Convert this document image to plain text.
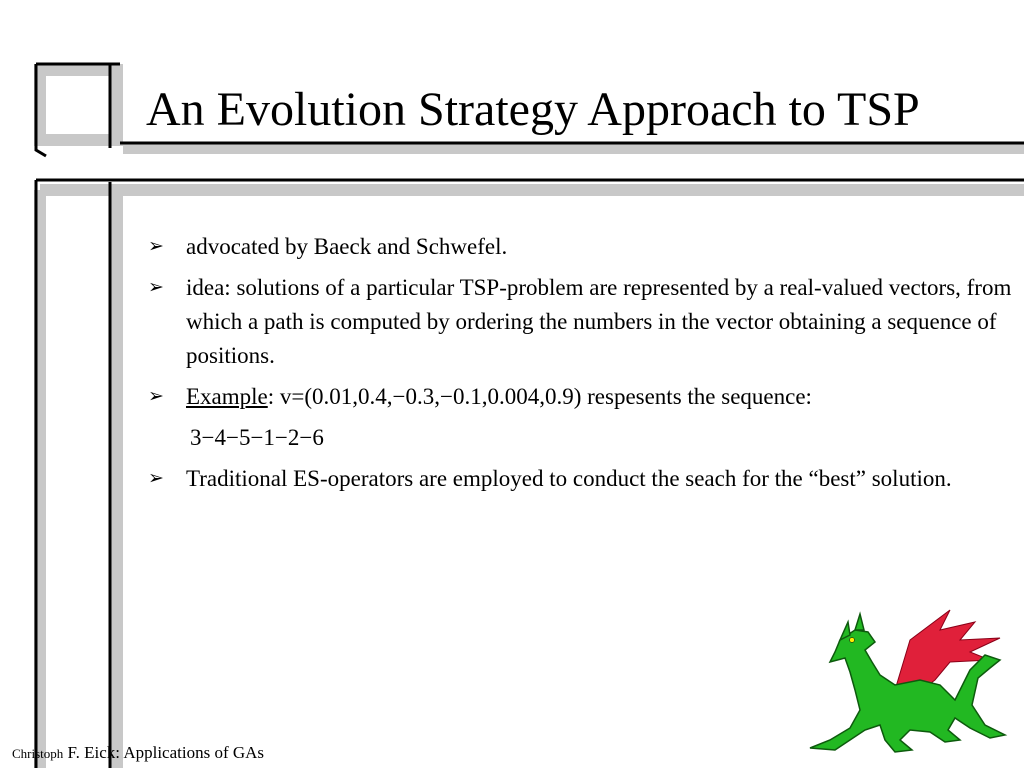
An Evolution Strategy Approach to TSP
➢ advocated by Baeck and Schwefel.
➢ idea: solutions of a particular TSP-problem are represented by a real-valued vectors, from which a path is computed by ordering the numbers in the vector obtaining a sequence of positions.
➢ Example: v=(0.01,0.4,−0.3,−0.1,0.004,0.9) respesents the sequence:
3−4−5−1−2−6
➢ Traditional ES-operators are employed to conduct the seach for the “best” solution.
Christoph F. Eick: Applications of GAs
